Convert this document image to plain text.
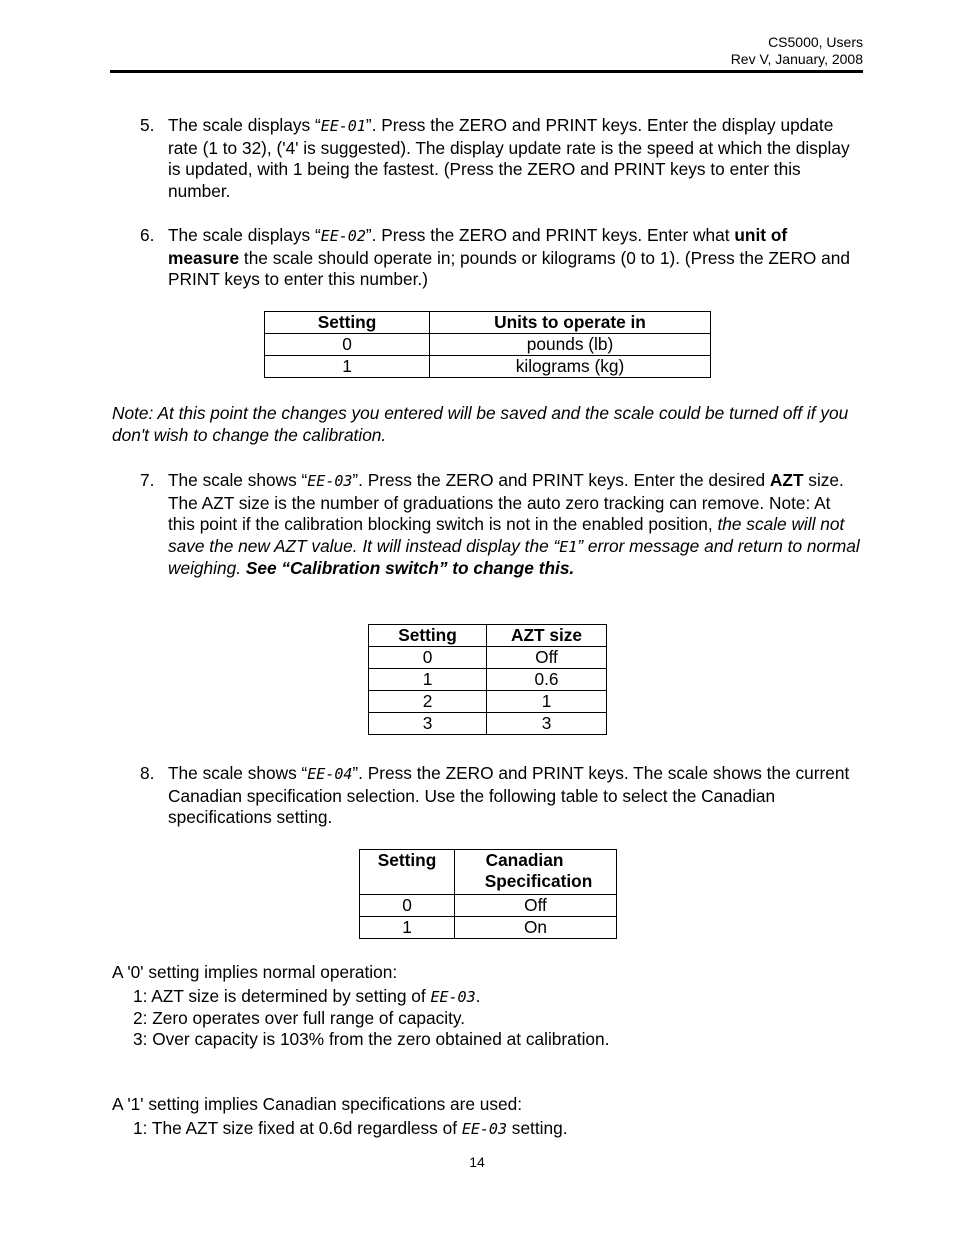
CS5000, Users
Rev V, January, 2008
5. The scale displays “EE-01”. Press the ZERO and PRINT keys. Enter the display update rate (1 to 32), ('4' is suggested). The display update rate is the speed at which the display is updated, with 1 being the fastest. (Press the ZERO and PRINT keys to enter this number.
6. The scale displays “EE-02”. Press the ZERO and PRINT keys. Enter what unit of measure the scale should operate in; pounds or kilograms (0 to 1). (Press the ZERO and PRINT keys to enter this number.)
Setting	Units to operate in
0	pounds (lb)
1	kilograms (kg)
Note: At this point the changes you entered will be saved and the scale could be turned off if you don't wish to change the calibration.
7. The scale shows “EE-03”. Press the ZERO and PRINT keys. Enter the desired AZT size. The AZT size is the number of graduations the auto zero tracking can remove. Note: At this point if the calibration blocking switch is not in the enabled position, the scale will not save the new AZT value. It will instead display the “E1” error message and return to normal weighing. See “Calibration switch” to change this.
Setting	AZT size
0	Off
1	0.6
2	1
3	3
8. The scale shows “EE-04”. Press the ZERO and PRINT keys. The scale shows the current Canadian specification selection. Use the following table to select the Canadian specifications setting.
Setting	Canadian
Specification

0	Off
1	On
A '0' setting implies normal operation:
1: AZT size is determined by setting of EE-03.
2: Zero operates over full range of capacity.
3: Over capacity is 103% from the zero obtained at calibration.
A '1' setting implies Canadian specifications are used:
1: The AZT size fixed at 0.6d regardless of EE-03 setting.
14
